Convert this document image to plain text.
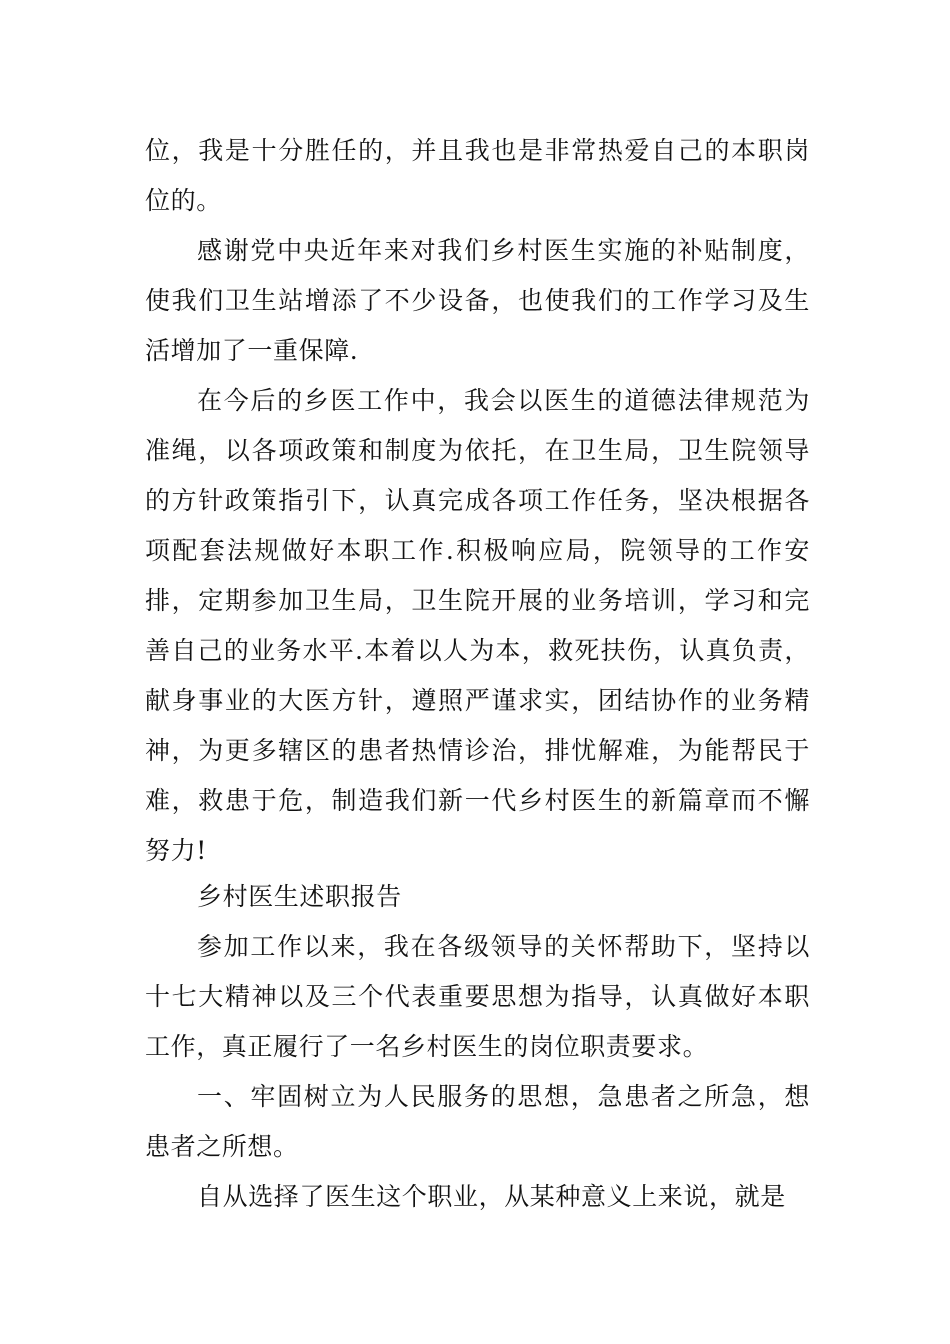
位，我是十分胜任的，并且我也是非常热爱自己的本职岗位的。

感谢党中央近年来对我们乡村医生实施的补贴制度，使我们卫生站增添了不少设备，也使我们的工作学习及生活增加了一重保障.

在今后的乡医工作中，我会以医生的道德法律规范为准绳，以各项政策和制度为依托，在卫生局，卫生院领导的方针政策指引下，认真完成各项工作任务，坚决根据各项配套法规做好本职工作.积极响应局，院领导的工作安排，定期参加卫生局，卫生院开展的业务培训，学习和完善自己的业务水平.本着以人为本，救死扶伤，认真负责，献身事业的大医方针，遵照严谨求实，团结协作的业务精神，为更多辖区的患者热情诊治，排忧解难，为能帮民于难，救患于危，制造我们新一代乡村医生的新篇章而不懈努力!

乡村医生述职报告

参加工作以来，我在各级领导的关怀帮助下，坚持以十七大精神以及三个代表重要思想为指导，认真做好本职工作，真正履行了一名乡村医生的岗位职责要求。

一、牢固树立为人民服务的思想，急患者之所急，想患者之所想。

自从选择了医生这个职业，从某种意义上来说，就是
